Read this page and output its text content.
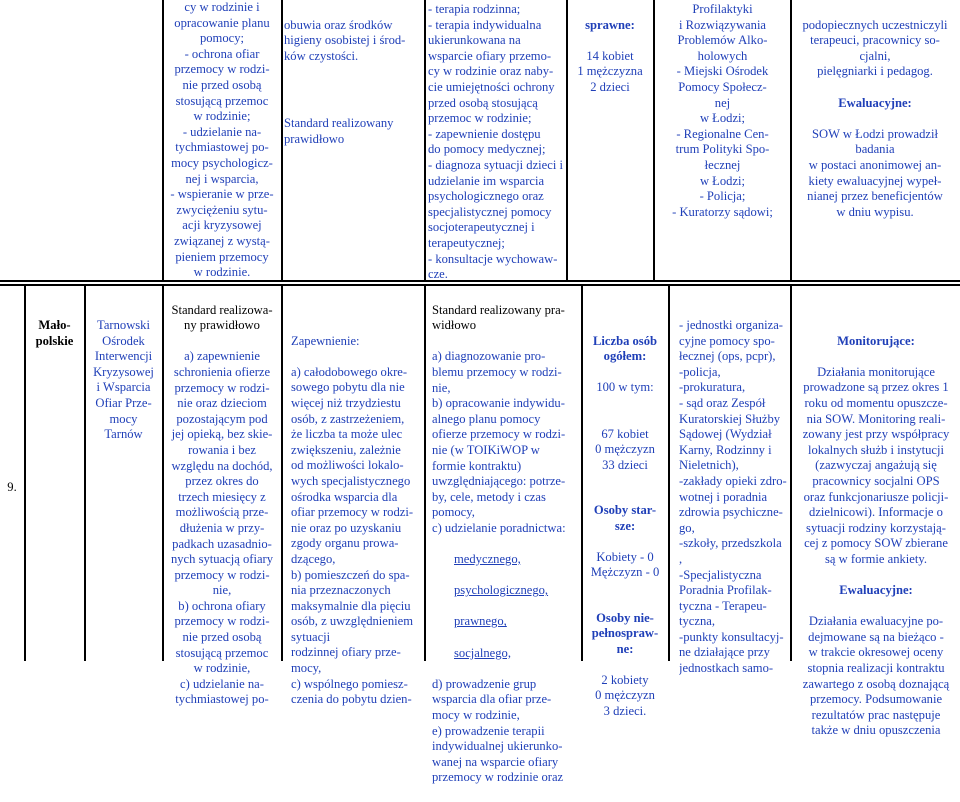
cy w rodzinie i
opracowanie planu
pomocy;
- ochrona ofiar
przemocy w rodzi-
nie przed osobą
stosującą przemoc
w rodzinie;
- udzielanie na-
tychmiastowej po-
mocy psychologicz-
nej i wsparcia,
- wspieranie w prze-
zwyciężeniu sytu-
acji kryzysowej
związanej z wystą-
pieniem przemocy
w rodzinie.

obuwia oraz środków
higieny osobistej i środ-
ków czystości.

Standard realizowany
prawidłowo

- terapia rodzinna;
- terapia indywidualna
ukierunkowana na
wsparcie ofiary przemo-
cy w rodzinie oraz naby-
cie umiejętności ochrony
przed osobą stosującą
przemoc w rodzinie;
- zapewnienie dostępu
do pomocy medycznej;
- diagnoza sytuacji dzieci i
udzielanie im wsparcia
psychologicznego oraz
specjalistycznej pomocy
socjoterapeutycznej i
terapeutycznej;
- konsultacje wychowaw-
cze.

sprawne:

14 kobiet
1 mężczyzna
2 dzieci

Profilaktyki
i Rozwiązywania
Problemów Alko-
holowych
- Miejski Ośrodek
Pomocy Społecz-
nej
w Łodzi;
- Regionalne Cen-
trum Polityki Spo-
łecznej
w Łodzi;
- Policja;
- Kuratorzy sądowi;

podopiecznych uczestniczyli
terapeuci, pracownicy so-
cjalni,
pielęgniarki i pedagog.

Ewaluacyjne:

SOW w Łodzi prowadził
badania
w postaci anonimowej an-
kiety ewaluacyjnej wypeł-
nianej przez beneficjentów
w dniu wypisu.

9.
Mało-
polskie
Tarnowski
Ośrodek
Interwencji
Kryzysowej
i Wsparcia
Ofiar Prze-
mocy
Tarnów

Standard realizowa-
ny prawidłowo

a) zapewnienie
schronienia ofierze
przemocy w rodzi-
nie oraz dzieciom
pozostającym pod
jej opieką, bez skie-
rowania i bez
względu na dochód,
przez okres do
trzech miesięcy z
możliwością prze-
dłużenia w przy-
padkach uzasadnio-
nych sytuacją ofiary
przemocy w rodzi-
nie,
b) ochrona ofiary
przemocy w rodzi-
nie przed osobą
stosującą przemoc
w rodzinie,
c) udzielanie na-
tychmiastowej po-

Zapewnienie:

a) całodobowego okre-
sowego pobytu dla nie
więcej niż trzydziestu
osób, z zastrzeżeniem,
że liczba ta może ulec
zwiększeniu, zależnie
od możliwości lokalo-
wych specjalistycznego
ośrodka wsparcia dla
ofiar przemocy w rodzi-
nie oraz po uzyskaniu
zgody organu prowa-
dzącego,
b) pomieszczeń do spa-
nia przeznaczonych
maksymalnie dla pięciu
osób, z uwzględnieniem
sytuacji
rodzinnej ofiary prze-
mocy,
c) wspólnego pomiesz-
czenia do pobytu dzien-

Standard realizowany pra-
widłowo

a) diagnozowanie pro-
blemu przemocy w rodzi-
nie,
b) opracowanie indywidu-
alnego planu pomocy
ofierze przemocy w rodzi-
nie (w TOIKiWOP w
formie kontraktu)
uwzględniającego: potrze-
by, cele, metody i czas
pomocy,
c) udzielanie poradnictwa:

medycznego,

psychologicznego,

prawnego,

socjalnego,

d) prowadzenie grup
wsparcia dla ofiar prze-
mocy w rodzinie,
e) prowadzenie terapii
indywidualnej ukierunko-
wanej na wsparcie ofiary
przemocy w rodzinie oraz

Liczba osób
ogółem:

100 w tym:

67 kobiet
0 mężczyzn
33 dzieci

Osoby star-
sze:

Kobiety - 0
Mężczyzn - 0

Osoby nie-
pełnospraw-
ne:

2 kobiety
0 mężczyzn
3 dzieci.

- jednostki organiza-
cyjne pomocy spo-
łecznej (ops, pcpr),
-policja,
-prokuratura,
- sąd oraz Zespół
Kuratorskiej Służby
Sądowej (Wydział
Karny, Rodzinny i
Nieletnich),
-zakłady opieki zdro-
wotnej i poradnia
zdrowia psychiczne-
go,
-szkoły, przedszkola
,
-Specjalistyczna
Poradnia Profilak-
tyczna - Terapeu-
tyczna,
-punkty konsultacyj-
ne działające przy
jednostkach samo-

Monitorujące:

Działania monitorujące
prowadzone są przez okres 1
roku od momentu opuszcze-
nia SOW. Monitoring reali-
zowany jest przy współpracy
lokalnych służb i instytucji
(zazwyczaj angażują się
pracownicy socjalni OPS
oraz funkcjonariusze policji-
dzielnicowi). Informacje o
sytuacji rodziny korzystają-
cej z pomocy SOW zbierane
są w formie ankiety.

Ewaluacyjne:

Działania ewaluacyjne po-
dejmowane są na bieżąco -
w trakcie okresowej oceny
stopnia realizacji kontraktu
zawartego z osobą doznającą
przemocy. Podsumowanie
rezultatów prac następuje
także w dniu opuszczenia
